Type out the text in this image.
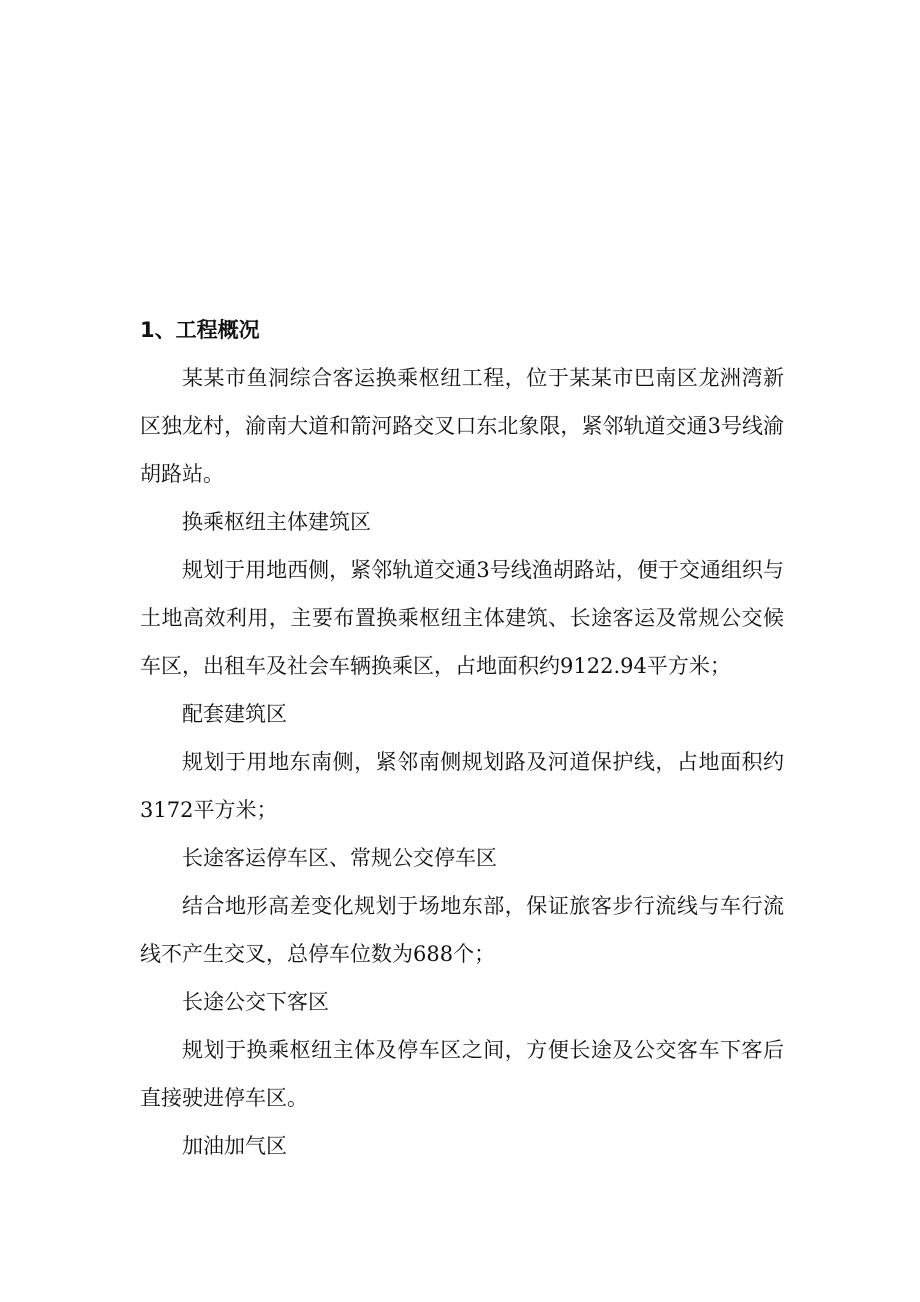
1、工程概况

某某市鱼洞综合客运换乘枢纽工程，位于某某市巴南区龙洲湾新区独龙村，渝南大道和箭河路交叉口东北象限，紧邻轨道交通3号线渝胡路站。

换乘枢纽主体建筑区

规划于用地西侧，紧邻轨道交通3号线渔胡路站，便于交通组织与土地高效利用，主要布置换乘枢纽主体建筑、长途客运及常规公交候车区，出租车及社会车辆换乘区，占地面积约9122.94平方米；

配套建筑区

规划于用地东南侧，紧邻南侧规划路及河道保护线，占地面积约3172平方米；

长途客运停车区、常规公交停车区

结合地形高差变化规划于场地东部，保证旅客步行流线与车行流线不产生交叉，总停车位数为688个；

长途公交下客区

规划于换乘枢纽主体及停车区之间，方便长途及公交客车下客后直接驶进停车区。

加油加气区
